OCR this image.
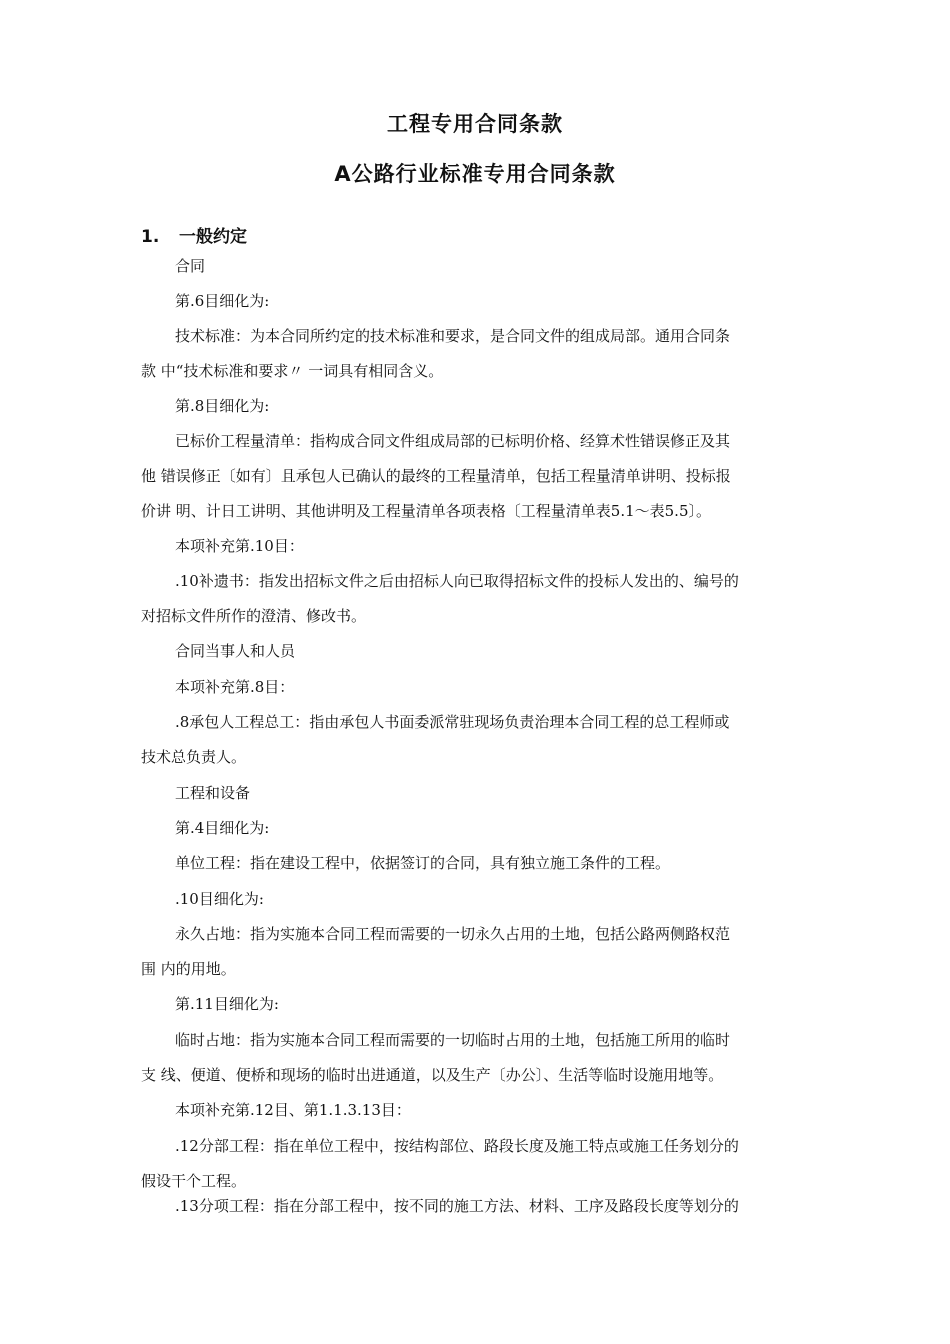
工程专用合同条款
A公路行业标准专用合同条款
1. 一般约定
合同
第.6目细化为:
技术标准：为本合同所约定的技术标准和要求，是合同文件的组成局部。通用合同条
款 中“技术标准和要求〃 一词具有相同含义。
第.8目细化为:
已标价工程量清单：指构成合同文件组成局部的已标明价格、经算术性错误修正及其
他 错误修正〔如有〕且承包人已确认的最终的工程量清单，包括工程量清单讲明、投标报
价讲 明、计日工讲明、其他讲明及工程量清单各项表格〔工程量清单表5.1〜表5.5〕。
本项补充第.10目：
.10补遗书：指发出招标文件之后由招标人向已取得招标文件的投标人发出的、编号的
对招标文件所作的澄清、修改书。
合同当事人和人员
本项补充第.8目：
.8承包人工程总工：指由承包人书面委派常驻现场负责治理本合同工程的总工程师或
技术总负责人。
工程和设备
第.4目细化为:
单位工程：指在建设工程中，依据签订的合同，具有独立施工条件的工程。
.10目细化为:
永久占地：指为实施本合同工程而需要的一切永久占用的土地，包括公路两侧路权范
围 内的用地。
第.11目细化为:
临时占地：指为实施本合同工程而需要的一切临时占用的土地，包括施工所用的临时
支 线、便道、便桥和现场的临时出进通道，以及生产〔办公〕、生活等临时设施用地等。
本项补充第.12目、第1.1.3.13目：
.12分部工程：指在单位工程中，按结构部位、路段长度及施工特点或施工任务划分的
假设干个工程。
.13分项工程：指在分部工程中，按不同的施工方法、材料、工序及路段长度等划分的
